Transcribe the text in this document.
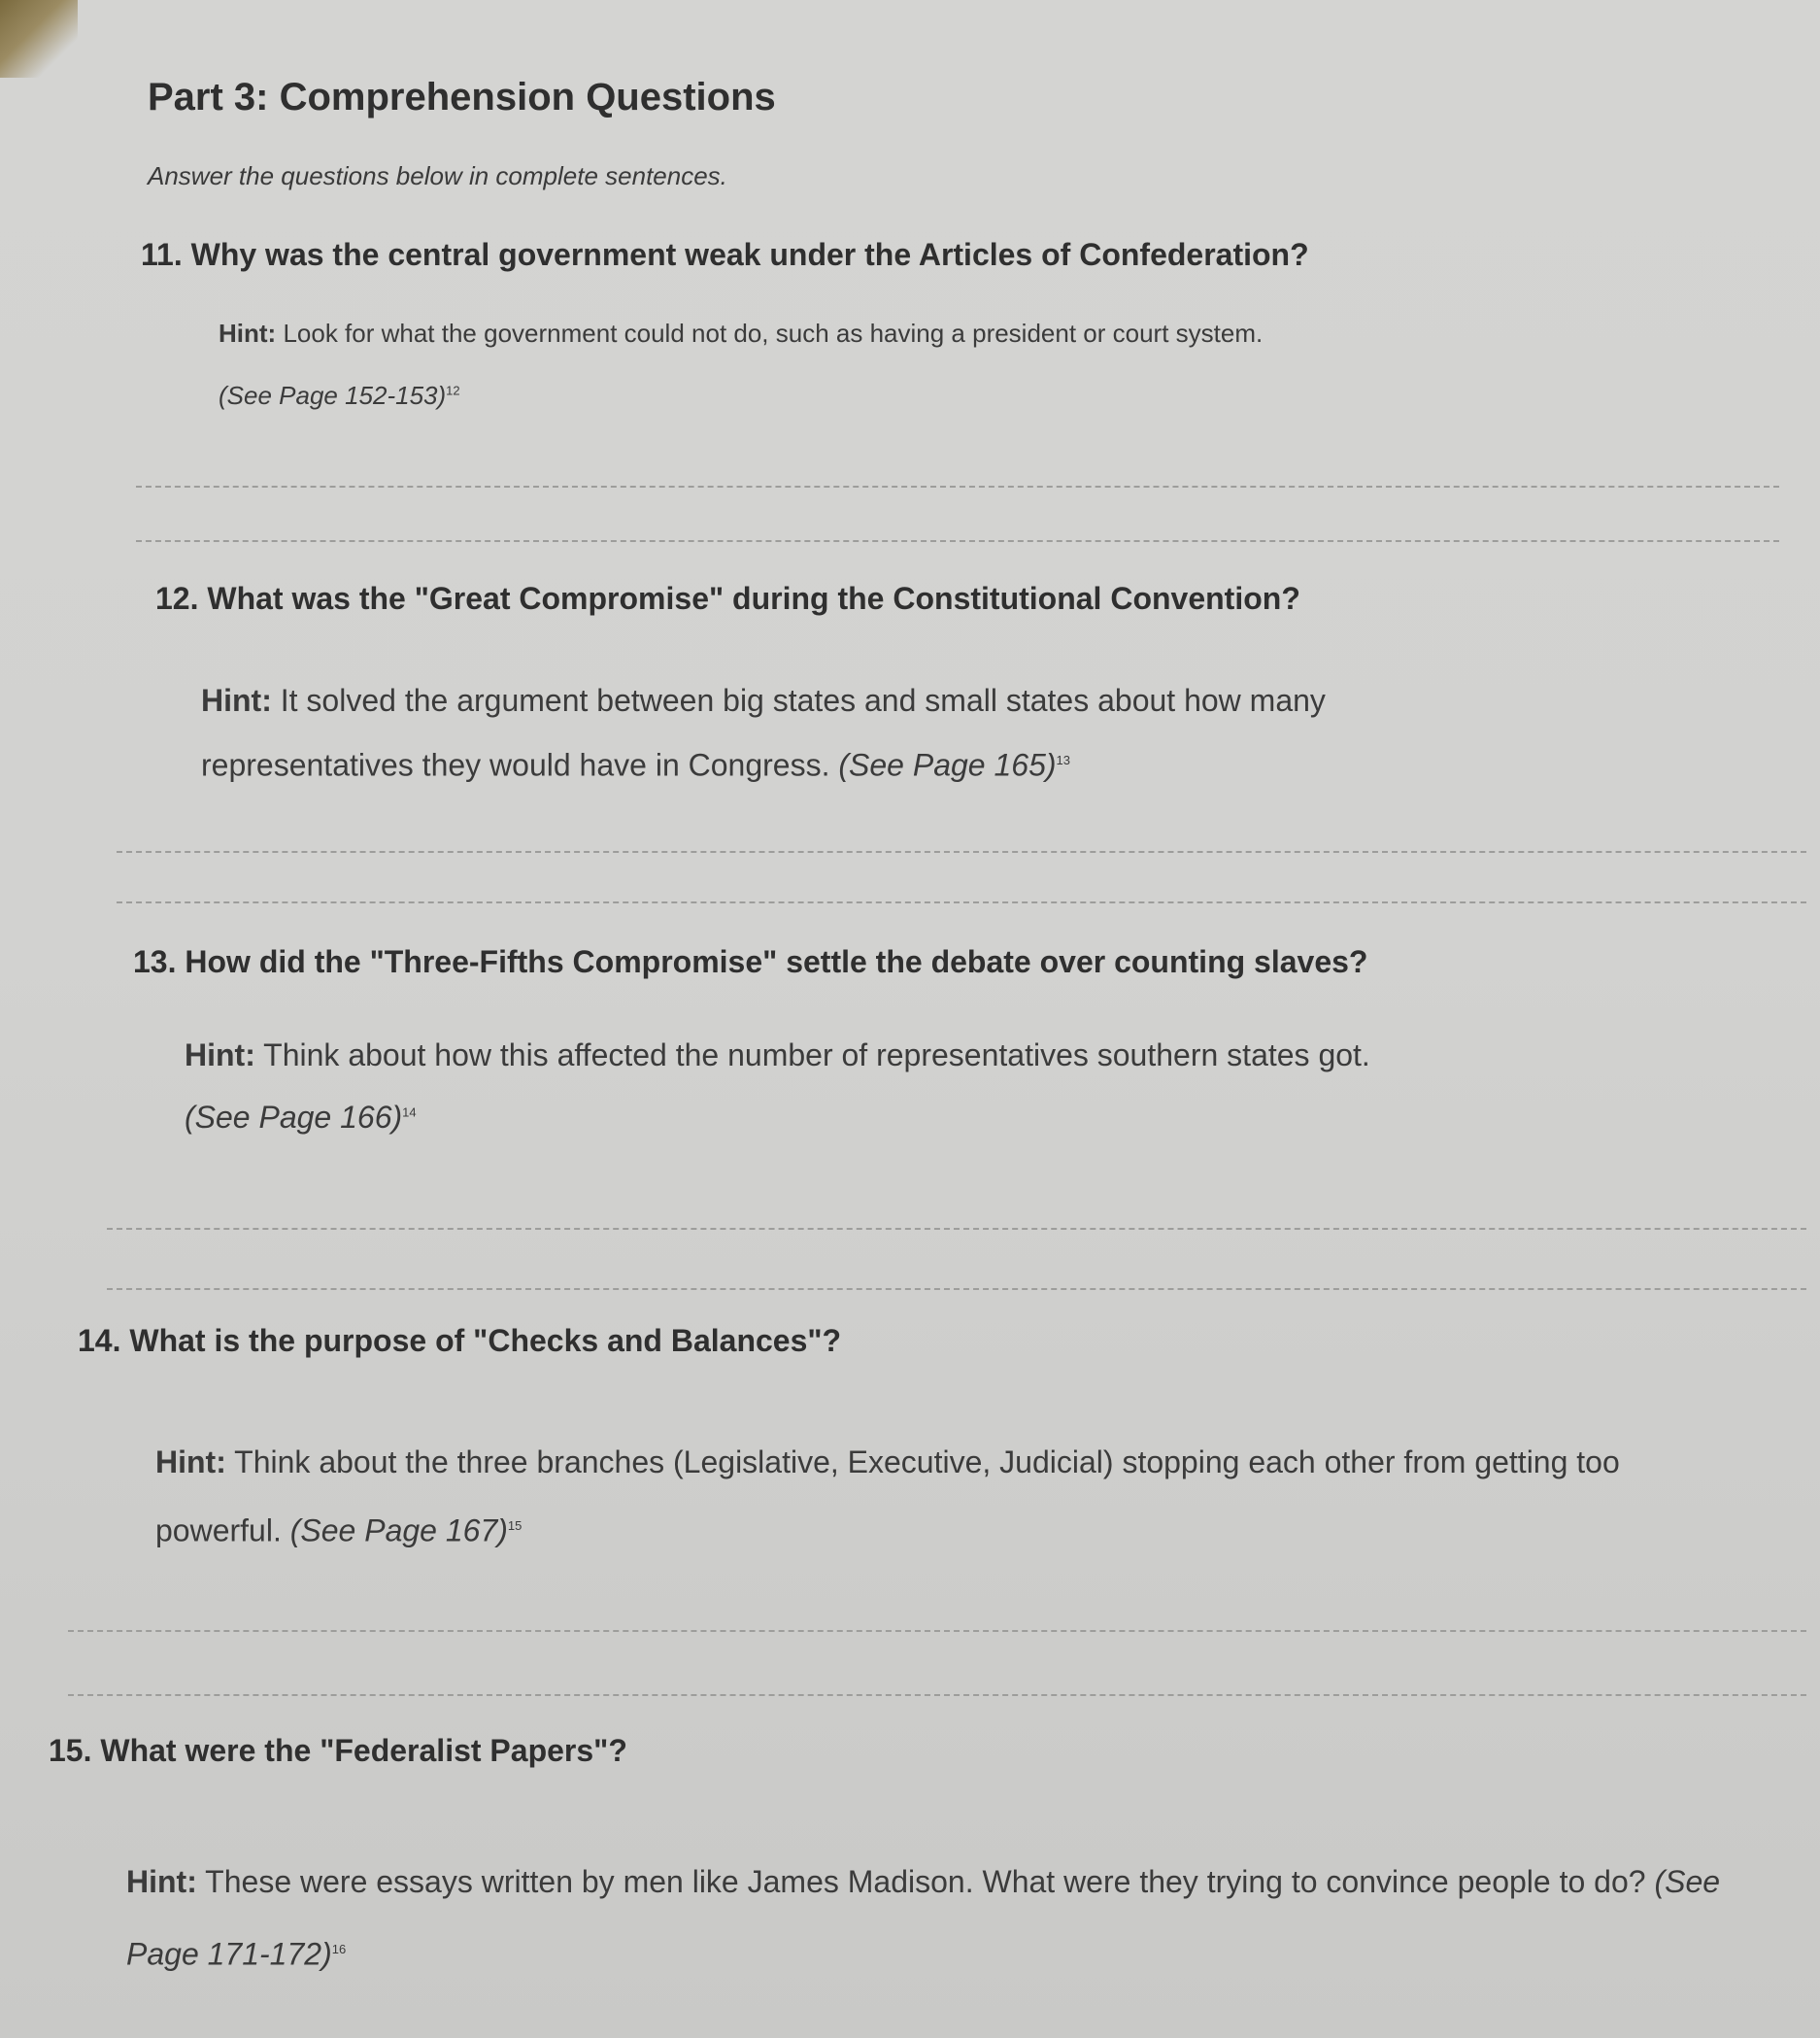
Part 3: Comprehension Questions
Answer the questions below in complete sentences.
11. Why was the central government weak under the Articles of Confederation?
Hint: Look for what the government could not do, such as having a president or court system.
(See Page 152-153)$^{12}$
12. What was the "Great Compromise" during the Constitutional Convention?
Hint: It solved the argument between big states and small states about how many representatives they would have in Congress. (See Page 165)$^{13}$
13. How did the "Three-Fifths Compromise" settle the debate over counting slaves?
Hint: Think about how this affected the number of representatives southern states got.
(See Page 166)$^{14}$
14. What is the purpose of "Checks and Balances"?
Hint: Think about the three branches (Legislative, Executive, Judicial) stopping each other from getting too powerful. (See Page 167)$^{15}$
15. What were the "Federalist Papers"?
Hint: These were essays written by men like James Madison. What were they trying to convince people to do? (See Page 171-172)$^{16}$
